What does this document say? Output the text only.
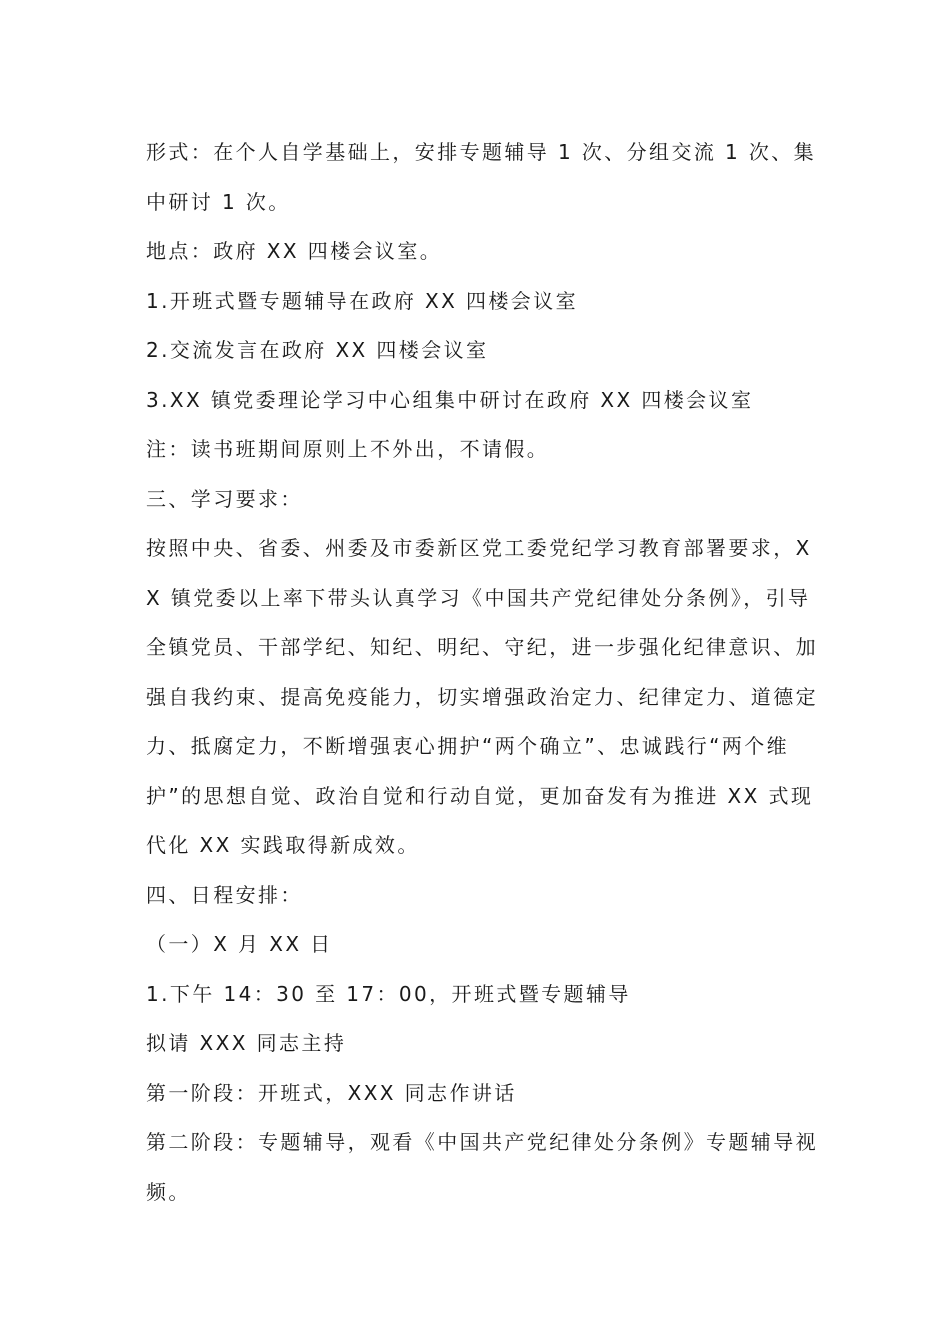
形式：在个人自学基础上，安排专题辅导 1 次、分组交流 1 次、集中研讨 1 次。

地点：政府 XX 四楼会议室。

1.开班式暨专题辅导在政府 XX 四楼会议室

2.交流发言在政府 XX 四楼会议室

3.XX 镇党委理论学习中心组集中研讨在政府 XX 四楼会议室

注：读书班期间原则上不外出，不请假。

三、学习要求：

按照中央、省委、州委及市委新区党工委党纪学习教育部署要求，XX 镇党委以上率下带头认真学习《中国共产党纪律处分条例》，引导全镇党员、干部学纪、知纪、明纪、守纪，进一步强化纪律意识、加强自我约束、提高免疫能力，切实增强政治定力、纪律定力、道德定力、抵腐定力，不断增强衷心拥护“两个确立”、忠诚践行“两个维护”的思想自觉、政治自觉和行动自觉，更加奋发有为推进 XX 式现代化 XX 实践取得新成效。

四、日程安排：

（一）X 月 XX 日

1.下午 14：30 至 17：00，开班式暨专题辅导

拟请 XXX 同志主持

第一阶段：开班式，XXX 同志作讲话

第二阶段：专题辅导，观看《中国共产党纪律处分条例》专题辅导视频。
